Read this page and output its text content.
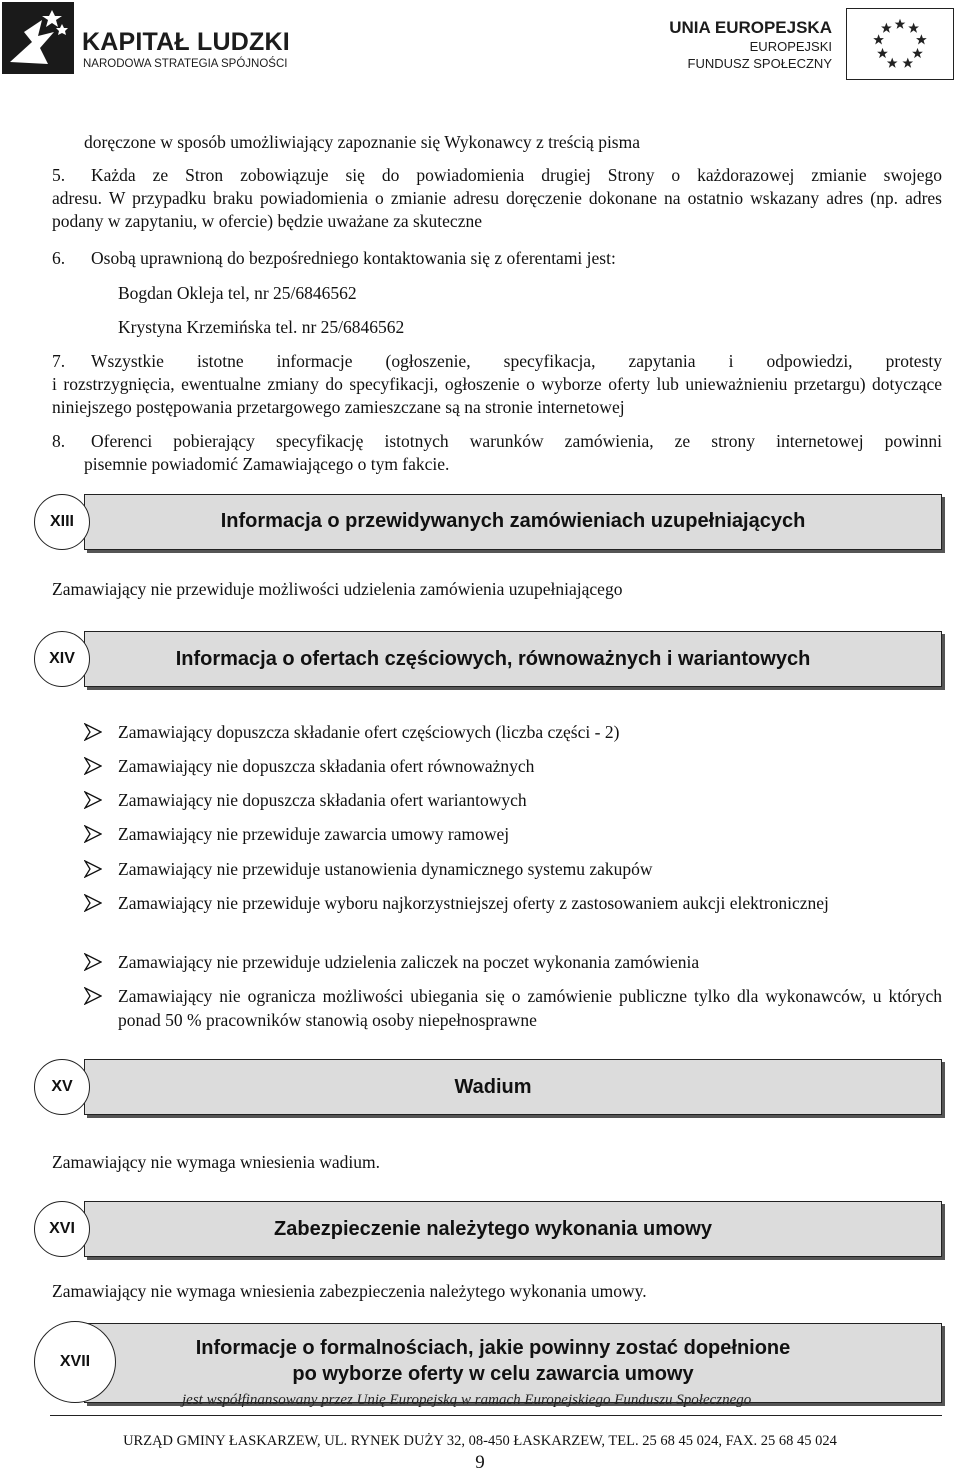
KAPITAŁ LUDZKI
NARODOWA STRATEGIA SPÓJNOŚCI
UNIA EUROPEJSKA
EUROPEJSKI
FUNDUSZ SPOŁECZNY
doręczone w sposób umożliwiający zapoznanie się Wykonawcy z treścią pisma
5. Każda ze Stron zobowiązuje się do powiadomienia drugiej Strony o każdorazowej zmianie swojego
adresu. W przypadku braku powiadomienia o zmianie adresu doręczenie dokonane na ostatnio wskazany adres (np. adres podany w zapytaniu, w ofercie) będzie uważane za skuteczne
6. Osobą uprawnioną do bezpośredniego kontaktowania się z oferentami jest:
Bogdan Okleja tel, nr 25/6846562
Krystyna Krzemińska tel. nr 25/6846562
7. Wszystkie istotne informacje (ogłoszenie, specyfikacja, zapytania i odpowiedzi, protesty
i rozstrzygnięcia, ewentualne zmiany do specyfikacji, ogłoszenie o wyborze oferty lub unieważnieniu przetargu) dotyczące niniejszego postępowania przetargowego zamieszczane są na stronie internetowej
8. Oferenci pobierający specyfikację istotnych warunków zamówienia, ze strony internetowej powinni
pisemnie powiadomić Zamawiającego o tym fakcie.
XIII	Informacja o przewidywanych zamówieniach uzupełniających
Zamawiający nie przewiduje możliwości udzielenia zamówienia uzupełniającego
XIV	Informacja o ofertach częściowych, równoważnych i wariantowych
Zamawiający dopuszcza składanie ofert częściowych (liczba części - 2)
Zamawiający nie dopuszcza składania ofert równoważnych
Zamawiający nie dopuszcza składania ofert wariantowych
Zamawiający nie przewiduje zawarcia umowy ramowej
Zamawiający nie przewiduje ustanowienia dynamicznego systemu zakupów
Zamawiający nie przewiduje wyboru najkorzystniejszej oferty z zastosowaniem aukcji elektronicznej
Zamawiający nie przewiduje udzielenia zaliczek na poczet wykonania zamówienia
Zamawiający nie ogranicza możliwości ubiegania się o zamówienie publiczne tylko dla wykonawców, u których ponad 50 % pracowników stanowią osoby niepełnosprawne
XV	Wadium
Zamawiający nie wymaga wniesienia wadium.
XVI	Zabezpieczenie należytego wykonania umowy
Zamawiający nie wymaga wniesienia zabezpieczenia należytego wykonania umowy.
XVII
Informacje o formalnościach, jakie powinny zostać dopełnione
po wyborze oferty w celu zawarcia umowy
jest współfinansowany przez Unię Europejską w ramach Europejskiego Funduszu Społecznego
URZĄD GMINY ŁASKARZEW, UL. RYNEK DUŻY 32, 08-450 ŁASKARZEW, TEL. 25 68 45 024, FAX. 25 68 45 024
9
